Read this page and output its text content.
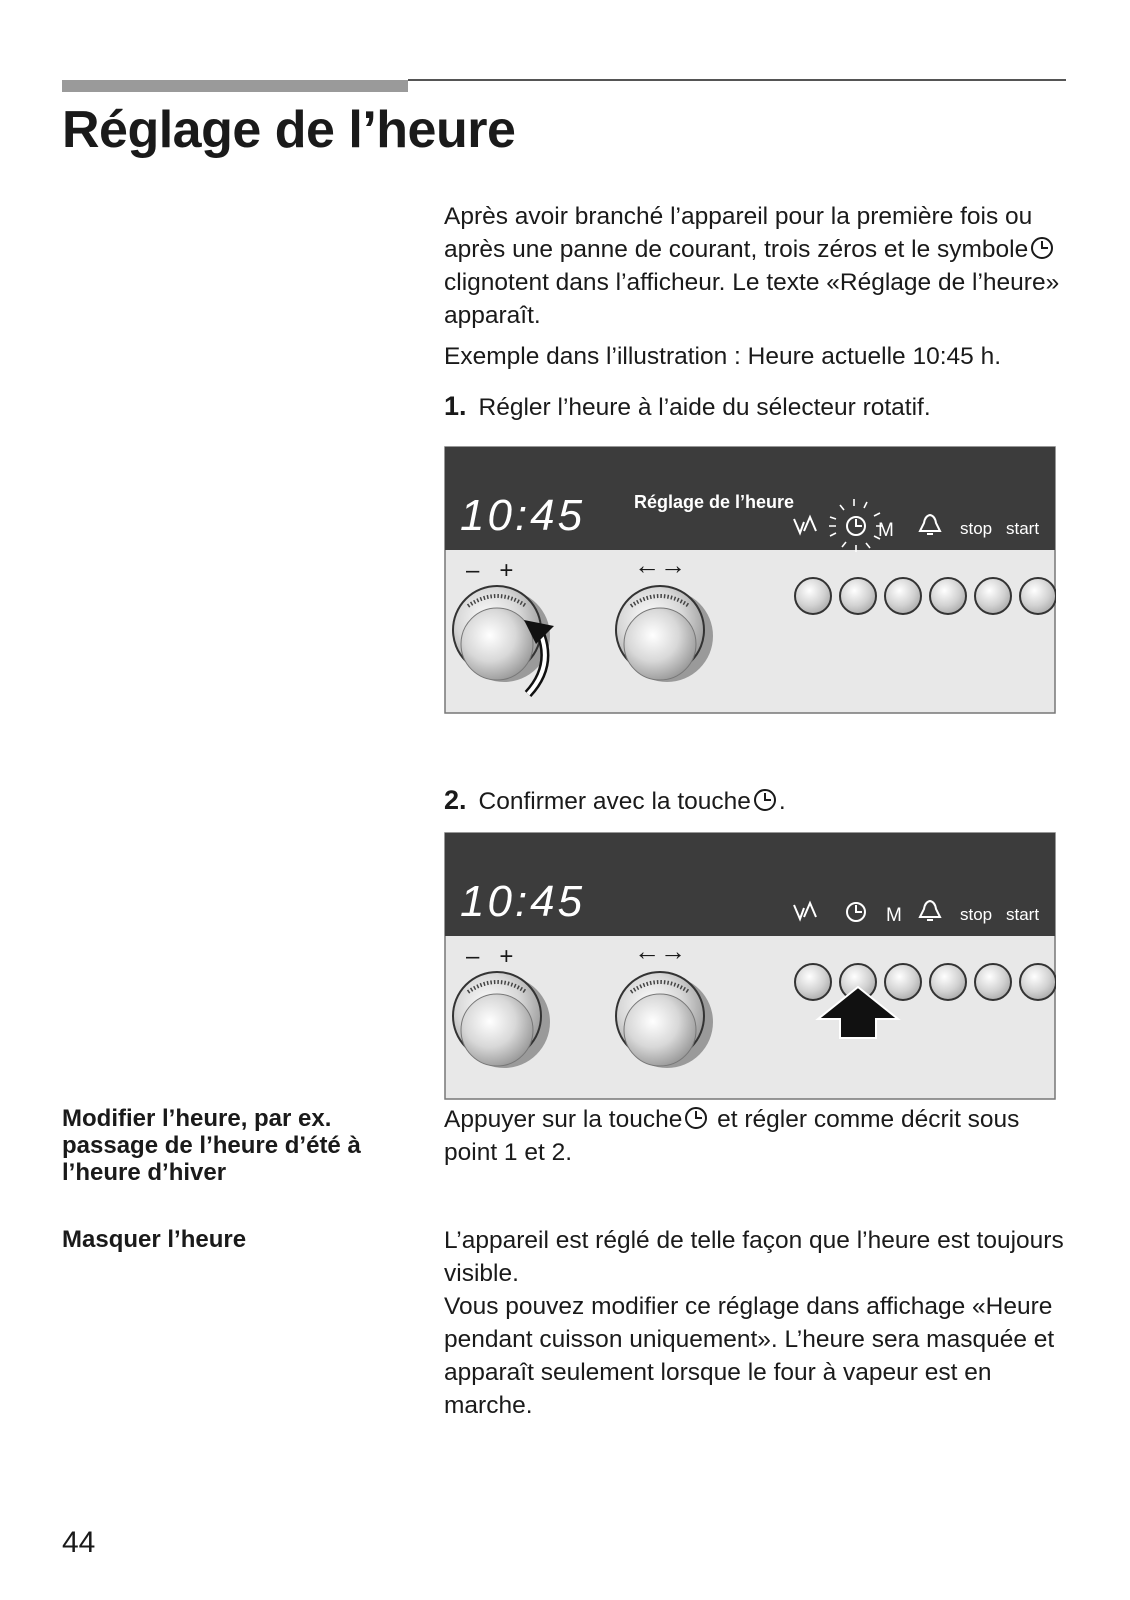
Réglage de l’heure

Après avoir branché l’appareil pour la première fois ou après une panne de courant, trois zéros et le symbole clignotent dans l’afficheur. Le texte «Réglage de l’heure» apparaît.

Exemple dans l’illustration : Heure actuelle 10:45 h.
1. Régler l’heure à l’aide du sélecteur rotatif.
10:45	Réglage de l’heure
M	stop start
–   +	←→
2. Confirmer avec la touche .
10:45	M	stop start
–   +	←→
Modifier l’heure, par ex. passage de l’heure d’été à l’heure d’hiver

Appuyer sur la touche et régler comme décrit sous point 1 et 2.

Masquer l’heure	L’appareil est réglé de telle façon que l’heure est toujours visible.

Vous pouvez modifier ce réglage dans affichage «Heure pendant cuisson uniquement». L’heure sera masquée et apparaît seulement lorsque le four à vapeur est en marche.

44
